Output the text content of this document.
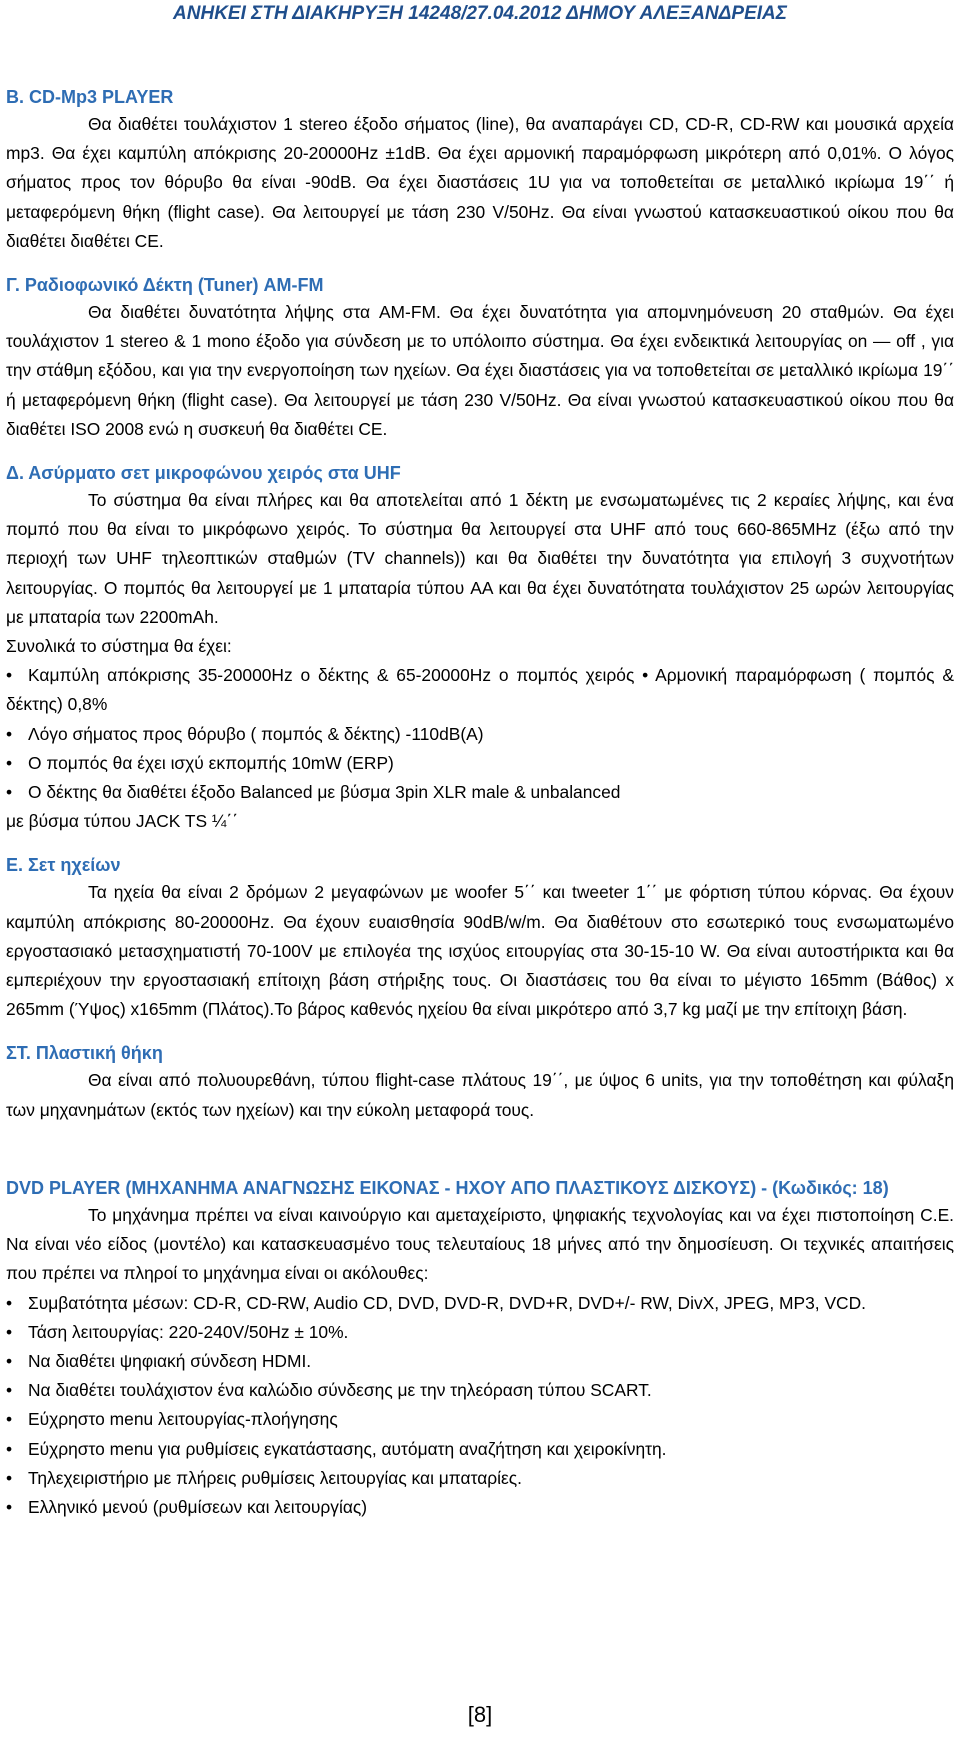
ΑΝΗΚΕΙ ΣΤΗ ΔΙΑΚΗΡΥΞΗ 14248/27.04.2012 ΔΗΜΟΥ ΑΛΕΞΑΝΔΡΕΙΑΣ
Β. CD-Mp3 PLAYER

Θα διαθέτει τουλάχιστον 1 stereo έξοδο σήματος (line), θα αναπαράγει CD, CD-R, CD-RW και μουσικά αρχεία mp3. Θα έχει καμπύλη απόκρισης 20-20000Hz ±1dB. Θα έχει αρμονική παραμόρφωση μικρότερη από 0,01%. Ο λόγος σήματος προς τον θόρυβο θα είναι -90dB. Θα έχει διαστάσεις 1U για να τοποθετείται σε μεταλλικό ικρίωμα 19΄΄ ή μεταφερόμενη θήκη (flight case). Θα λειτουργεί με τάση 230 V/50Hz. Θα είναι γνωστού κατασκευαστικού οίκου που θα διαθέτει διαθέτει CE.

Γ. Ραδιοφωνικό Δέκτη (Tuner) AM-FM

Θα διαθέτει δυνατότητα λήψης στα AM-FM. Θα έχει δυνατότητα για απομνημόνευση 20 σταθμών. Θα έχει τουλάχιστον 1 stereo & 1 mono έξοδο για σύνδεση με το υπόλοιπο σύστημα. Θα έχει ενδεικτικά λειτουργίας on — off , για την στάθμη εξόδου, και για την ενεργοποίηση των ηχείων. Θα έχει διαστάσεις για να τοποθετείται σε μεταλλικό ικρίωμα 19΄΄ ή μεταφερόμενη θήκη (flight case). Θα λειτουργεί με τάση 230 V/50Hz. Θα είναι γνωστού κατασκευαστικού οίκου που θα διαθέτει ISO 2008 ενώ η συσκευή θα διαθέτει CE.

Δ. Ασύρματο σετ μικροφώνου χειρός στα UHF

Το σύστημα θα είναι πλήρες και θα αποτελείται από 1 δέκτη με ενσωματωμένες τις 2 κεραίες λήψης, και ένα πομπό που θα είναι το μικρόφωνο χειρός. Το σύστημα θα λειτουργεί στα UHF από τους 660-865MHz (έξω από την περιοχή των UHF τηλεοπτικών σταθμών (TV channels)) και θα διαθέτει την δυνατότητα για επιλογή 3 συχνοτήτων λειτουργίας. Ο πομπός θα λειτουργεί με 1 μπαταρία τύπου AA και θα έχει δυνατότηατα τουλάχιστον 25 ωρών λειτουργίας με μπαταρία των 2200mAh.

Συνολικά το σύστημα θα έχει:

• Καμπύλη απόκρισης 35-20000Hz ο δέκτης & 65-20000Hz ο πομπός χειρός • Αρμονική παραμόρφωση ( πομπός & δέκτης) 0,8%
• Λόγο σήματος προς θόρυβο ( πομπός & δέκτης) -110dB(A)
• Ο πομπός θα έχει ισχύ εκπομπής 10mW (ERP)
• Ο δέκτης θα διαθέτει έξοδο Balanced με βύσμα 3pin XLR male & unbalanced

με βύσμα τύπου JACK TS ¼΄΄

Ε. Σετ ηχείων

Τα ηχεία θα είναι 2 δρόμων 2 μεγαφώνων με woofer 5΄΄ και tweeter 1΄΄ με φόρτιση τύπου κόρνας. Θα έχουν καμπύλη απόκρισης 80-20000Hz. Θα έχουν ευαισθησία 90dB/w/m. Θα διαθέτουν στο εσωτερικό τους ενσωματωμένο εργοστασιακό μετασχηματιστή 70-100V με επιλογέα της ισχύος ειτουργίας στα 30-15-10 W. Θα είναι αυτοστήρικτα και θα εμπεριέχουν την εργοστασιακή επίτοιχη βάση στήριξης τους. Οι διαστάσεις του θα είναι το μέγιστο 165mm (Βάθος) x 265mm (Ύψος) x165mm (Πλάτος).Το βάρος καθενός ηχείου θα είναι μικρότερο από 3,7 kg μαζί με την επίτοιχη βάση.

ΣΤ. Πλαστική θήκη

Θα είναι από πολυουρεθάνη, τύπου flight-case πλάτους 19΄΄, με ύψος 6 units, για την τοποθέτηση και φύλαξη των μηχανημάτων (εκτός των ηχείων) και την εύκολη μεταφορά τους.

DVD PLAYER (ΜΗΧΑΝΗΜΑ ΑΝΑΓΝΩΣΗΣ ΕΙΚΟΝΑΣ - ΗΧΟΥ ΑΠΟ ΠΛΑΣΤΙΚΟΥΣ ΔΙΣΚΟΥΣ) - (Κωδικός: 18)

Το μηχάνημα πρέπει να είναι καινούργιο και αμεταχείριστο, ψηφιακής τεχνολογίας και να έχει πιστοποίηση C.E. Να είναι νέο είδος (μοντέλο) και κατασκευασμένο τους τελευταίους 18 μήνες από την δημοσίευση. Οι τεχνικές απαιτήσεις που πρέπει να πληροί το μηχάνημα είναι οι ακόλουθες:

• Συμβατότητα μέσων: CD-R, CD-RW, Audio CD, DVD, DVD-R, DVD+R, DVD+/- RW, DivX, JPEG, MP3, VCD.
• Τάση λειτουργίας: 220-240V/50Hz ± 10%.
• Να διαθέτει ψηφιακή σύνδεση HDMI.
• Να διαθέτει τουλάχιστον ένα καλώδιο σύνδεσης με την τηλεόραση τύπου SCART.
• Εύχρηστο menu λειτουργίας-πλοήγησης
• Εύχρηστο menu για ρυθμίσεις εγκατάστασης, αυτόματη αναζήτηση και χειροκίνητη.
• Τηλεχειριστήριο με πλήρεις ρυθμίσεις λειτουργίας και μπαταρίες.
• Ελληνικό μενού (ρυθμίσεων και λειτουργίας)
[8]
